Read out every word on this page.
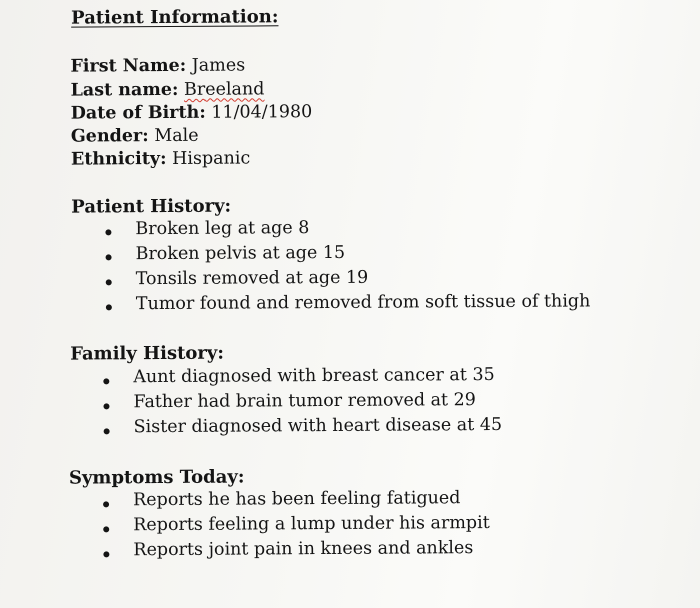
Patient Information:
First Name: James
Last name: Breeland
Date of Birth: 11/04/1980
Gender: Male
Ethnicity: Hispanic
Patient History:
Broken leg at age 8
Broken pelvis at age 15
Tonsils removed at age 19
Tumor found and removed from soft tissue of thigh
Family History:
Aunt diagnosed with breast cancer at 35
Father had brain tumor removed at 29
Sister diagnosed with heart disease at 45
Symptoms Today:
Reports he has been feeling fatigued
Reports feeling a lump under his armpit
Reports joint pain in knees and ankles
